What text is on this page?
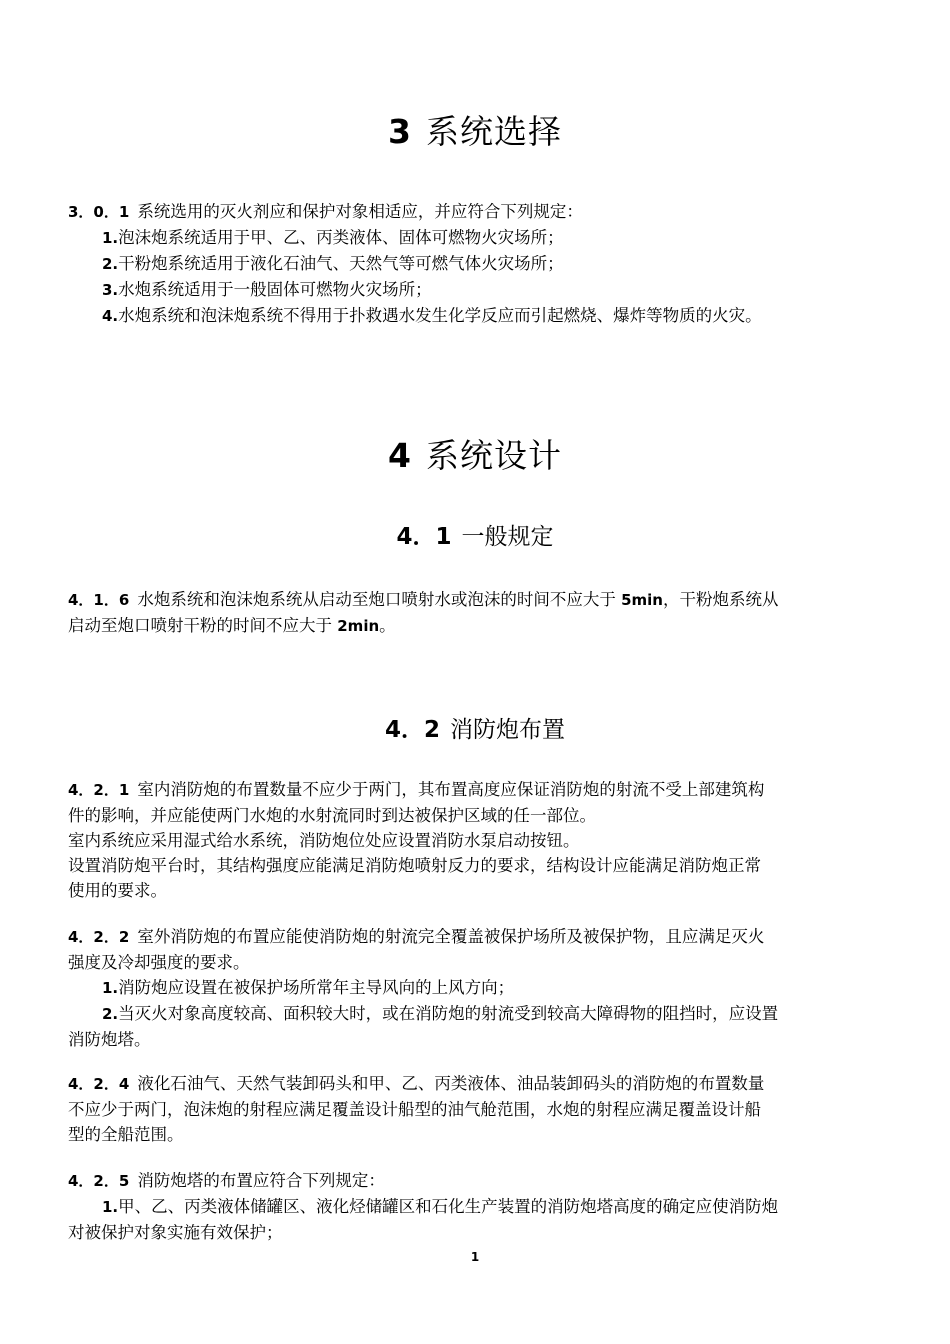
3 系统选择
3．0．1 系统选用的灭火剂应和保护对象相适应，并应符合下列规定：
1.泡沫炮系统适用于甲、乙、丙类液体、固体可燃物火灾场所；
2.干粉炮系统适用于液化石油气、天然气等可燃气体火灾场所；
3.水炮系统适用于一般固体可燃物火灾场所；
4.水炮系统和泡沫炮系统不得用于扑救遇水发生化学反应而引起燃烧、爆炸等物质的火灾。
4 系统设计
4．1 一般规定
4．1．6 水炮系统和泡沫炮系统从启动至炮口喷射水或泡沫的时间不应大于 5min，干粉炮系统从
启动至炮口喷射干粉的时间不应大于 2min。
4．2 消防炮布置
4．2．1 室内消防炮的布置数量不应少于两门，其布置高度应保证消防炮的射流不受上部建筑构
件的影响，并应能使两门水炮的水射流同时到达被保护区域的任一部位。
室内系统应采用湿式给水系统，消防炮位处应设置消防水泵启动按钮。
设置消防炮平台时，其结构强度应能满足消防炮喷射反力的要求，结构设计应能满足消防炮正常
使用的要求。
4．2．2 室外消防炮的布置应能使消防炮的射流完全覆盖被保护场所及被保护物，且应满足灭火
强度及冷却强度的要求。
1.消防炮应设置在被保护场所常年主导风向的上风方向；
2.当灭火对象高度较高、面积较大时，或在消防炮的射流受到较高大障碍物的阻挡时，应设置
消防炮塔。
4．2．4 液化石油气、天然气装卸码头和甲、乙、丙类液体、油品装卸码头的消防炮的布置数量
不应少于两门，泡沫炮的射程应满足覆盖设计船型的油气舱范围，水炮的射程应满足覆盖设计船
型的全船范围。
4．2．5 消防炮塔的布置应符合下列规定：
1.甲、乙、丙类液体储罐区、液化烃储罐区和石化生产装置的消防炮塔高度的确定应使消防炮
对被保护对象实施有效保护；
1
